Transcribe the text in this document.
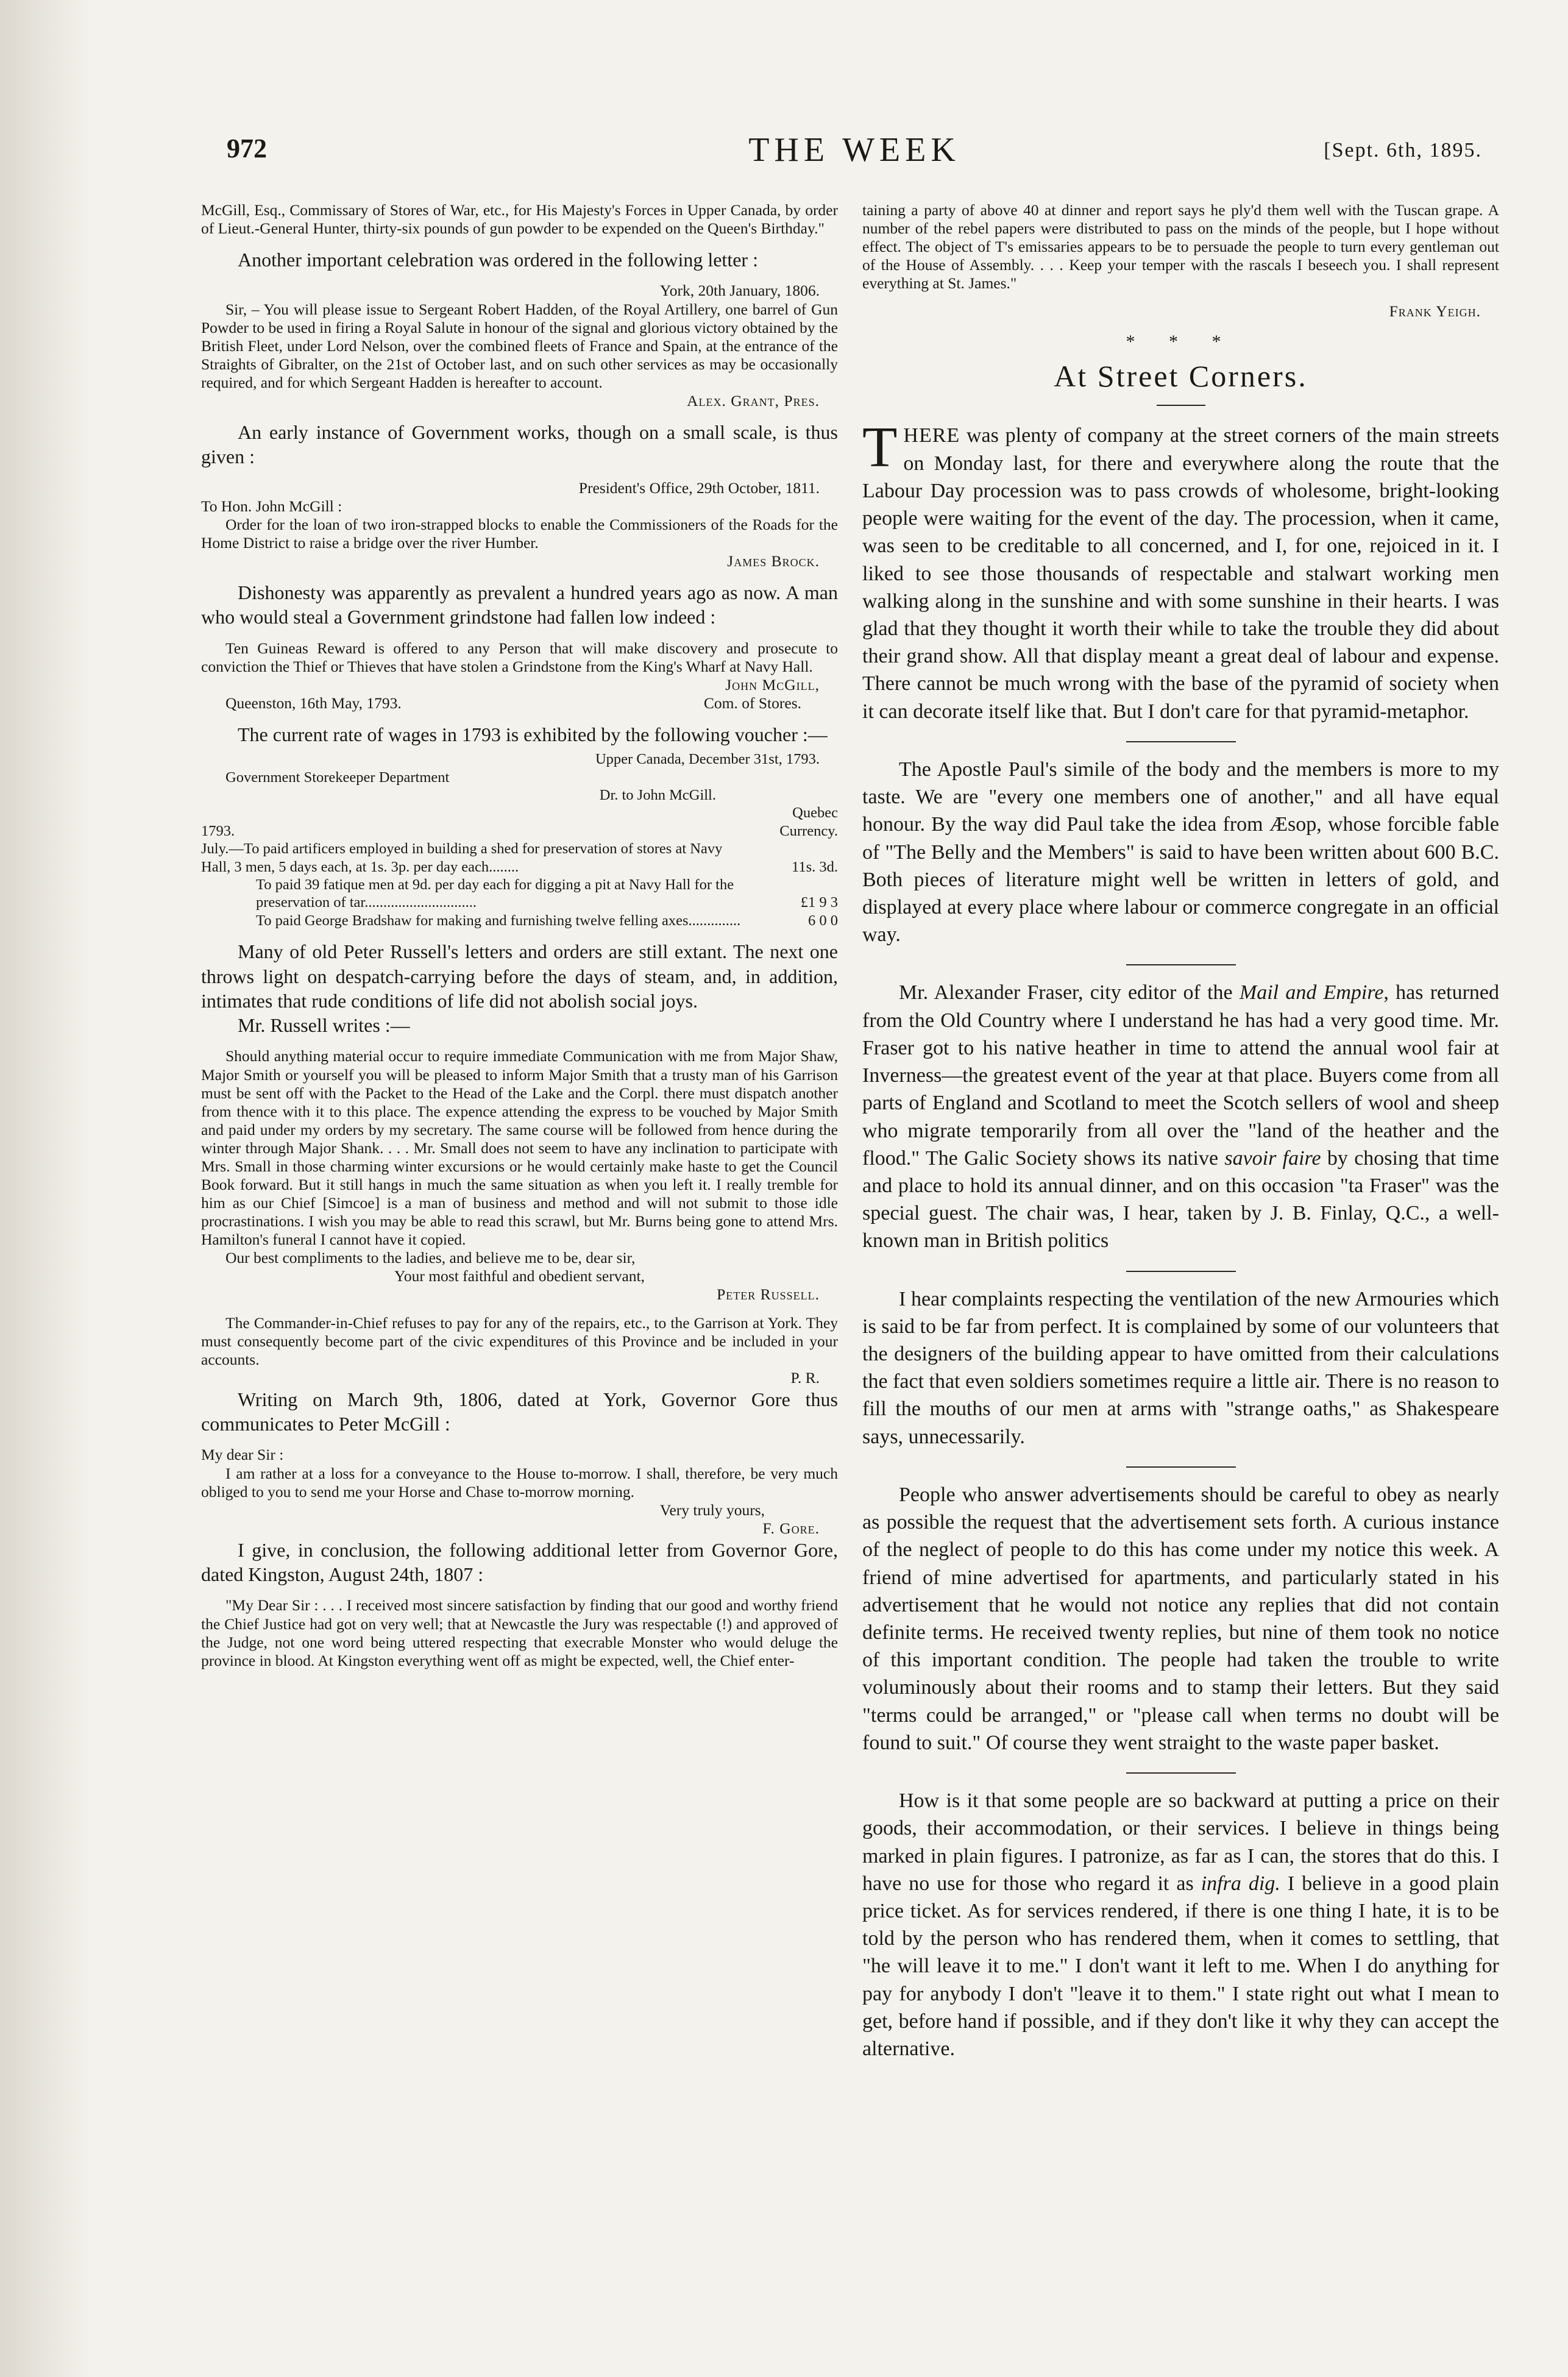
972	THE WEEK	[Sept. 6th, 1895.

McGill, Esq., Commissary of Stores of War, etc., for His Majesty's Forces in Upper Canada, by order of Lieut.-General Hunter, thirty-six pounds of gun powder to be expended on the Queen's Birthday."

Another important celebration was ordered in the following letter :

York, 20th January, 1806.

Sir, – You will please issue to Sergeant Robert Hadden, of the Royal Artillery, one barrel of Gun Powder to be used in firing a Royal Salute in honour of the signal and glorious victory obtained by the British Fleet, under Lord Nelson, over the combined fleets of France and Spain, at the entrance of the Straights of Gibralter, on the 21st of October last, and on such other services as may be occasionally required, and for which Sergeant Hadden is hereafter to account.

Alex. Grant, Pres.

An early instance of Government works, though on a small scale, is thus given :

President's Office, 29th October, 1811.

To Hon. John McGill :

Order for the loan of two iron-strapped blocks to enable the Commissioners of the Roads for the Home District to raise a bridge over the river Humber.

James Brock.

Dishonesty was apparently as prevalent a hundred years ago as now. A man who would steal a Government grindstone had fallen low indeed :

Ten Guineas Reward is offered to any Person that will make discovery and prosecute to conviction the Thief or Thieves that have stolen a Grindstone from the King's Wharf at Navy Hall.

John McGill,

Queenston, 16th May, 1793.	Com. of Stores.

The current rate of wages in 1793 is exhibited by the following voucher :—

Upper Canada, December 31st, 1793.

Government Storekeeper Department

Dr. to John McGill.

1793.
Quebec Currency.
July.—To paid artificers employed in building a shed for preservation of stores at Navy Hall, 3 men, 5 days each, at 1s. 3p. per day each........	11s. 3d.
To paid 39 fatique men at 9d. per day each for digging a pit at Navy Hall for the preservation of tar..............................	£1 9 3
To paid George Bradshaw for making and furnishing twelve felling axes..............	6 0 0

Many of old Peter Russell's letters and orders are still extant. The next one throws light on despatch-carrying before the days of steam, and, in addition, intimates that rude conditions of life did not abolish social joys.

Mr. Russell writes :—

Should anything material occur to require immediate Communication with me from Major Shaw, Major Smith or yourself you will be pleased to inform Major Smith that a trusty man of his Garrison must be sent off with the Packet to the Head of the Lake and the Corpl. there must dispatch another from thence with it to this place. The expence attending the express to be vouched by Major Smith and paid under my orders by my secretary. The same course will be followed from hence during the winter through Major Shank. . . . Mr. Small does not seem to have any inclination to participate with Mrs. Small in those charming winter excursions or he would certainly make haste to get the Council Book forward. But it still hangs in much the same situation as when you left it. I really tremble for him as our Chief [Simcoe] is a man of business and method and will not submit to those idle procrastinations. I wish you may be able to read this scrawl, but Mr. Burns being gone to attend Mrs. Hamilton's funeral I cannot have it copied.

Our best compliments to the ladies, and believe me to be, dear sir,

Your most faithful and obedient servant,

Peter Russell.

The Commander-in-Chief refuses to pay for any of the repairs, etc., to the Garrison at York. They must consequently become part of the civic expenditures of this Province and be included in your accounts.

P. R.

Writing on March 9th, 1806, dated at York, Governor Gore thus communicates to Peter McGill :

My dear Sir :

I am rather at a loss for a conveyance to the House to-morrow. I shall, therefore, be very much obliged to you to send me your Horse and Chase to-morrow morning.

Very truly yours,

F. Gore.

I give, in conclusion, the following additional letter from Governor Gore, dated Kingston, August 24th, 1807 :

"My Dear Sir : . . . I received most sincere satisfaction by finding that our good and worthy friend the Chief Justice had got on very well; that at Newcastle the Jury was respectable (!) and approved of the Judge, not one word being uttered respecting that execrable Monster who would deluge the province in blood. At Kingston everything went off as might be expected, well, the Chief enter-

taining a party of above 40 at dinner and report says he ply'd them well with the Tuscan grape. A number of the rebel papers were distributed to pass on the minds of the people, but I hope without effect. The object of T's emissaries appears to be to persuade the people to turn every gentleman out of the House of Assembly. . . . Keep your temper with the rascals I beseech you. I shall represent everything at St. James."

Frank Yeigh.

* * *
At Street Corners.

THERE was plenty of company at the street corners of the main streets on Monday last, for there and everywhere along the route that the Labour Day procession was to pass crowds of wholesome, bright-looking people were waiting for the event of the day. The procession, when it came, was seen to be creditable to all concerned, and I, for one, rejoiced in it. I liked to see those thousands of respectable and stalwart working men walking along in the sunshine and with some sunshine in their hearts. I was glad that they thought it worth their while to take the trouble they did about their grand show. All that display meant a great deal of labour and expense. There cannot be much wrong with the base of the pyramid of society when it can decorate itself like that. But I don't care for that pyramid-metaphor.

The Apostle Paul's simile of the body and the members is more to my taste. We are "every one members one of another," and all have equal honour. By the way did Paul take the idea from Æsop, whose forcible fable of "The Belly and the Members" is said to have been written about 600 B.C. Both pieces of literature might well be written in letters of gold, and displayed at every place where labour or commerce congregate in an official way.

Mr. Alexander Fraser, city editor of the Mail and Empire, has returned from the Old Country where I understand he has had a very good time. Mr. Fraser got to his native heather in time to attend the annual wool fair at Inverness—the greatest event of the year at that place. Buyers come from all parts of England and Scotland to meet the Scotch sellers of wool and sheep who migrate temporarily from all over the "land of the heather and the flood." The Galic Society shows its native savoir faire by chosing that time and place to hold its annual dinner, and on this occasion "ta Fraser" was the special guest. The chair was, I hear, taken by J. B. Finlay, Q.C., a well-known man in British politics

I hear complaints respecting the ventilation of the new Armouries which is said to be far from perfect. It is complained by some of our volunteers that the designers of the building appear to have omitted from their calculations the fact that even soldiers sometimes require a little air. There is no reason to fill the mouths of our men at arms with "strange oaths," as Shakespeare says, unnecessarily.

People who answer advertisements should be careful to obey as nearly as possible the request that the advertisement sets forth. A curious instance of the neglect of people to do this has come under my notice this week. A friend of mine advertised for apartments, and particularly stated in his advertisement that he would not notice any replies that did not contain definite terms. He received twenty replies, but nine of them took no notice of this important condition. The people had taken the trouble to write voluminously about their rooms and to stamp their letters. But they said "terms could be arranged," or "please call when terms no doubt will be found to suit." Of course they went straight to the waste paper basket.

How is it that some people are so backward at putting a price on their goods, their accommodation, or their services. I believe in things being marked in plain figures. I patronize, as far as I can, the stores that do this. I have no use for those who regard it as infra dig. I believe in a good plain price ticket. As for services rendered, if there is one thing I hate, it is to be told by the person who has rendered them, when it comes to settling, that "he will leave it to me." I don't want it left to me. When I do anything for pay for anybody I don't "leave it to them." I state right out what I mean to get, before hand if possible, and if they don't like it why they can accept the alternative.
